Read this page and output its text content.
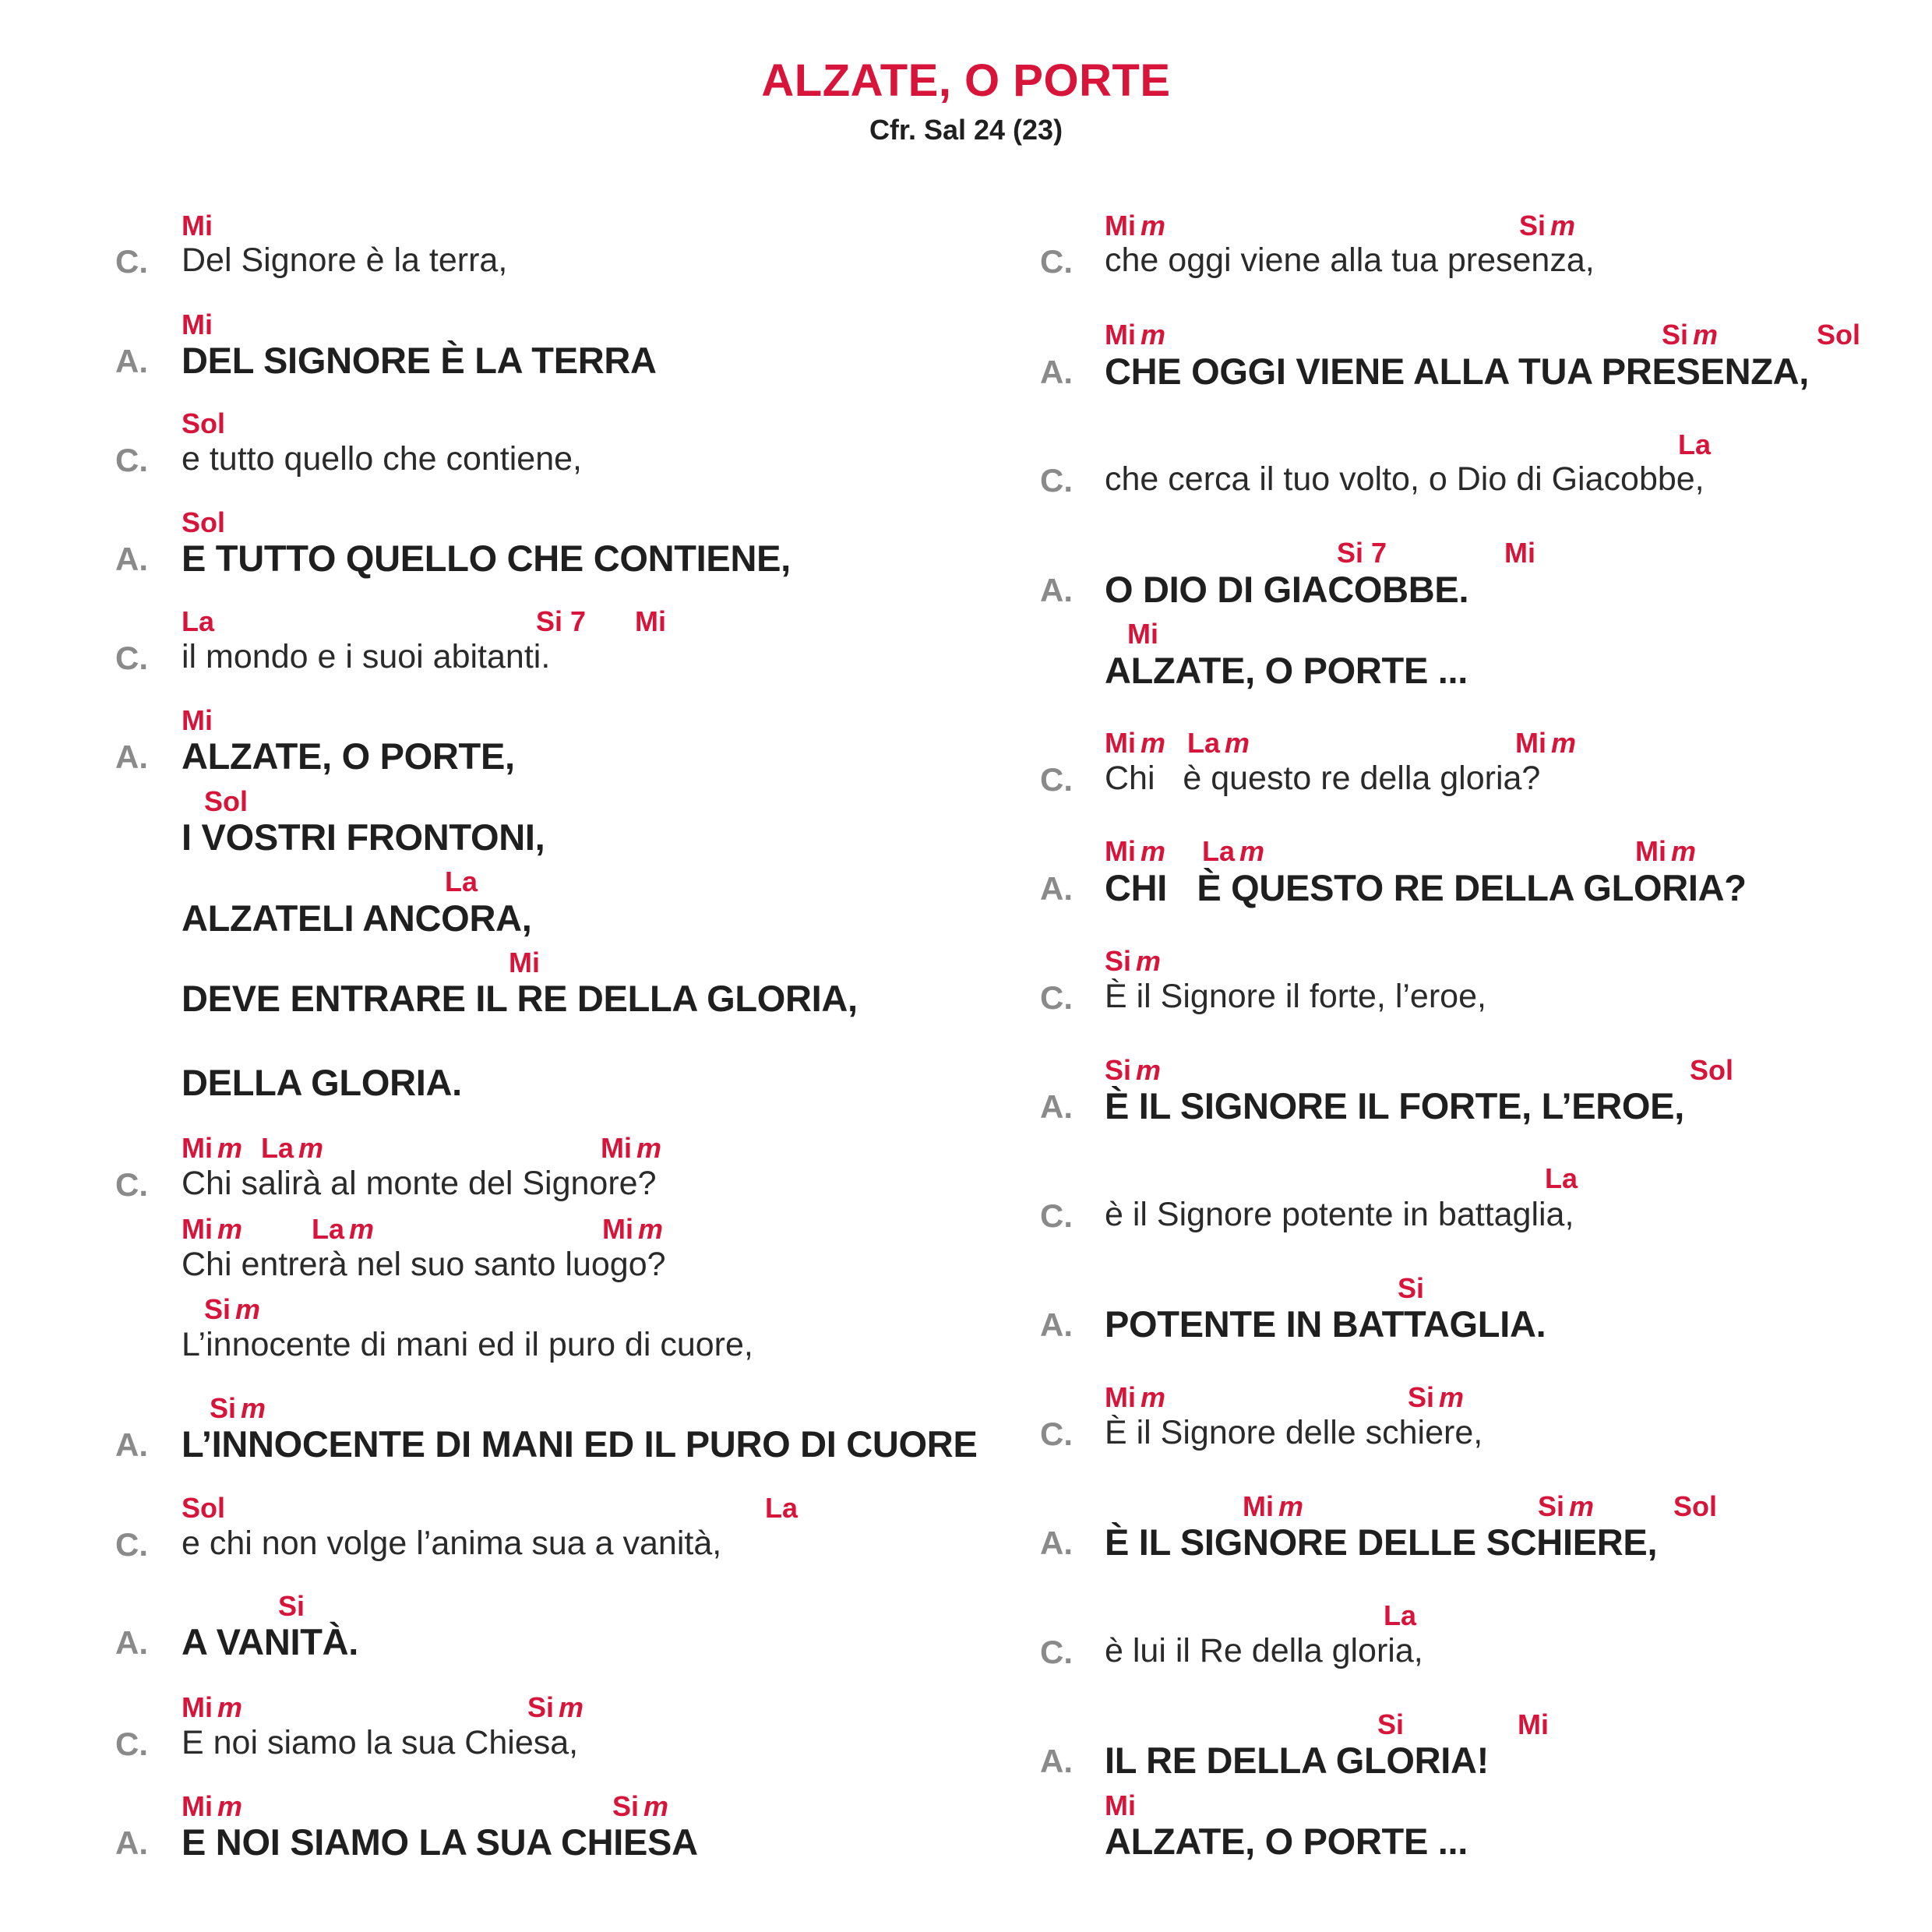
ALZATE, O PORTE
Cfr. Sal 24 (23)
Mi
C. Del Signore è la terra,
Mi
A. DEL SIGNORE È LA TERRA
Sol
C. e tutto quello che contiene,
Sol
A. E TUTTO QUELLO CHE CONTIENE,
La	Si 7 Mi
C. il mondo e i suoi abitanti.
Mi
A. ALZATE, O PORTE,
Sol
I VOSTRI FRONTONI,
La
ALZATELI ANCORA,
Mi
DEVE ENTRARE IL RE DELLA GLORIA,
DELLA GLORIA.
Mi m La m	Mi m
C. Chi salirà al monte del Signore?
Mi m La m	Mi m
Chi entrerà nel suo santo luogo?
Si m
L’innocente di mani ed il puro di cuore,
Si m
A. L’INNOCENTE DI MANI ED IL PURO DI CUORE
Sol	La
C. e chi non volge l’anima sua a vanità,
Si
A. A VANITÀ.
Mi m	Si m
C. E noi siamo la sua Chiesa,
Mi m	Si m
A. E NOI SIAMO LA SUA CHIESA
Mi m	Si m
C. che oggi viene alla tua presenza,
Mi m	Si m	Sol
A. CHE OGGI VIENE ALLA TUA PRESENZA,
La
C. che cerca il tuo volto, o Dio di Giacobbe,
Si 7	Mi
A. O DIO DI GIACOBBE.
Mi
ALZATE, O PORTE ...
Mi m La m	Mi m
C. Chi   è questo re della gloria?
Mi m La m	Mi m
A. CHI   È QUESTO RE DELLA GLORIA?
Si m
C. È il Signore il forte, l’eroe,
Si m	Sol
A. È IL SIGNORE IL FORTE, L’EROE,
La
C. è il Signore potente in battaglia,
Si
A. POTENTE IN BATTAGLIA.
Mi m	Si m
C. È il Signore delle schiere,
Mi m	Si m	Sol
A. È IL SIGNORE DELLE SCHIERE,
La
C. è lui il Re della gloria,
Si	Mi
A. IL RE DELLA GLORIA!
Mi
ALZATE, O PORTE ...
